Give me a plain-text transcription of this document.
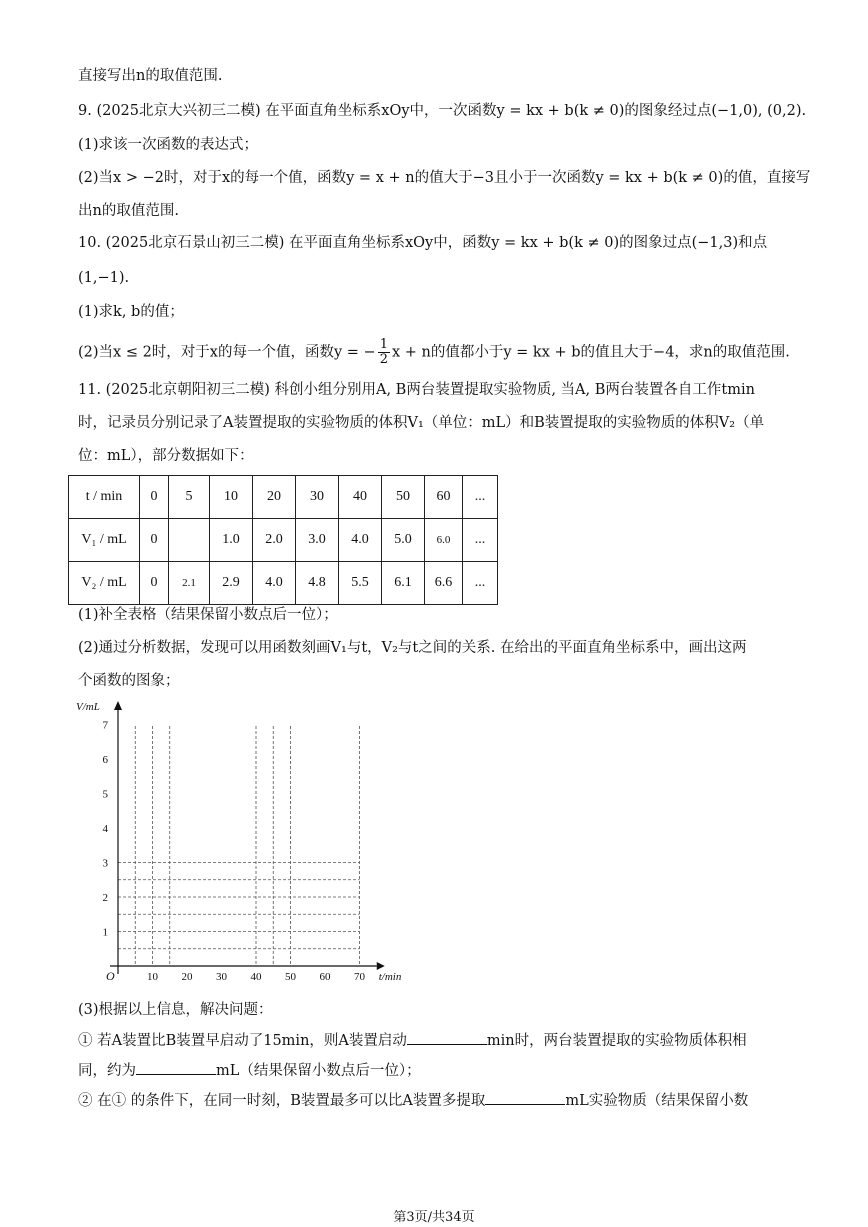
直接写出n的取值范围.
9. (2025北京大兴初三二模) 在平面直角坐标系xOy中，一次函数y = kx + b(k ≠ 0)的图象经过点(−1,0), (0,2).
(1)求该一次函数的表达式；
(2)当x > −2时，对于x的每一个值，函数y = x + n的值大于−3且小于一次函数y = kx + b(k ≠ 0)的值，直接写
出n的取值范围.
10. (2025北京石景山初三二模) 在平面直角坐标系xOy中，函数y = kx + b(k ≠ 0)的图象过点(−1,3)和点
(1,−1).
(1)求k, b的值；
(2)当x ≤ 2时，对于x的每一个值，函数y = − $\frac{1}{2}$ x + n的值都小于y = kx + b的值且大于−4，求n的取值范围.
11. (2025北京朝阳初三二模) 科创小组分别用A, B两台装置提取实验物质, 当A, B两台装置各自工作tmin
时，记录员分别记录了A装置提取的实验物质的体积V₁（单位：mL）和B装置提取的实验物质的体积V₂（单
位：mL），部分数据如下：
t / min	0	5	10	20	30	40	50	60	...
V₁ / mL	0		1.0	2.0	3.0	4.0	5.0	6.0	...
V₂ / mL	0	2.1	2.9	4.0	4.8	5.5	6.1	6.6	...
(1)补全表格（结果保留小数点后一位）；
(2)通过分析数据，发现可以用函数刻画V₁与t，V₂与t之间的关系. 在给出的平面直角坐标系中，画出这两
个函数的图象；
1
2
3
4
5
6
7
10 20 30 40 50 60 70
O
V/mL
t/min
(3)根据以上信息，解决问题：
① 若A装置比B装置早启动了15min，则A装置启动	min时，两台装置提取的实验物质体积相
同，约为	mL（结果保留小数点后一位）；
② 在① 的条件下，在同一时刻，B装置最多可以比A装置多提取	mL实验物质（结果保留小数
第3页/共34页
